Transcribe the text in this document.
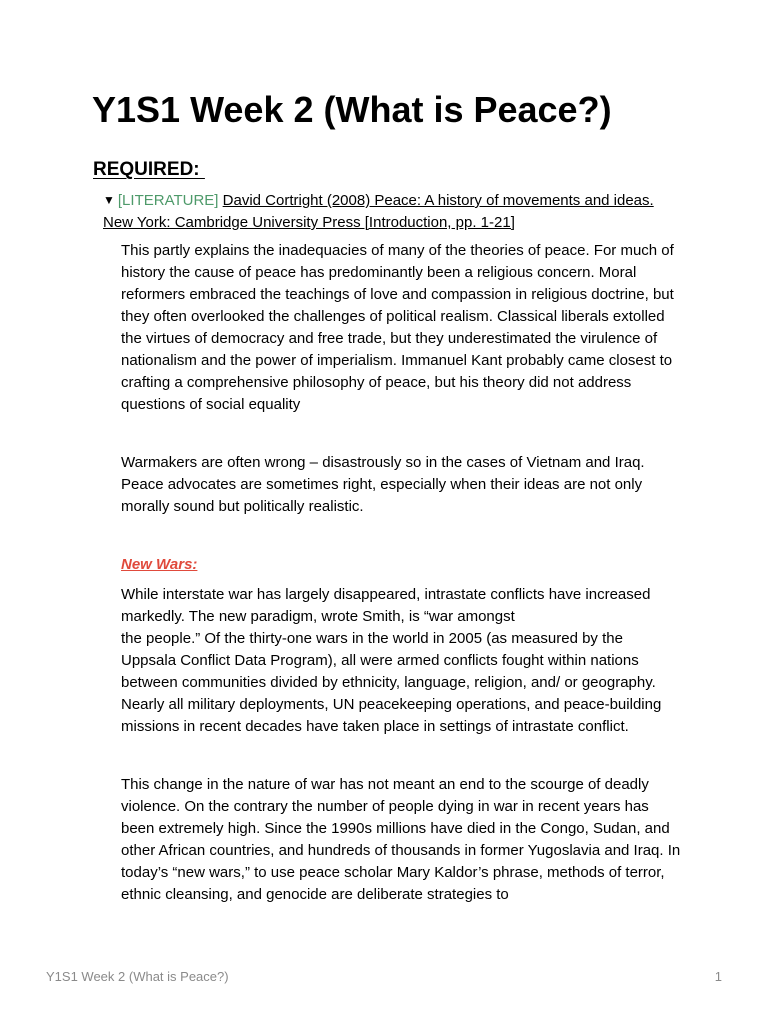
Y1S1 Week 2 (What is Peace?)
REQUIRED:
▼ [LITERATURE] David Cortright (2008) Peace: A history of movements and ideas. New York: Cambridge University Press [Introduction, pp. 1-21]

This partly explains the inadequacies of many of the theories of peace. For much of history the cause of peace has predominantly been a religious concern. Moral reformers embraced the teachings of love and compassion in religious doctrine, but they often overlooked the challenges of political realism. Classical liberals extolled the virtues of democracy and free trade, but they underestimated the virulence of nationalism and the power of imperialism. Immanuel Kant probably came closest to crafting a comprehensive philosophy of peace, but his theory did not address questions of social equality

Warmakers are often wrong – disastrously so in the cases of Vietnam and Iraq. Peace advocates are sometimes right, especially when their ideas are not only morally sound but politically realistic.

New Wars:

While interstate war has largely disappeared, intrastate conflicts have increased markedly. The new paradigm, wrote Smith, is “war amongst
the people.” Of the thirty-one wars in the world in 2005 (as measured by the Uppsala Conflict Data Program), all were armed conflicts fought within nations between communities divided by ethnicity, language, religion, and/ or geography. Nearly all military deployments, UN peacekeeping operations, and peace-building missions in recent decades have taken place in settings of intrastate conflict.

This change in the nature of war has not meant an end to the scourge of deadly violence. On the contrary the number of people dying in war in recent years has been extremely high. Since the 1990s millions have died in the Congo, Sudan, and other African countries, and hundreds of thousands in former Yugoslavia and Iraq. In today’s “new wars,” to use peace scholar Mary Kaldor’s phrase, methods of terror, ethnic cleansing, and genocide are deliberate strategies to

Y1S1 Week 2 (What is Peace?)	1
